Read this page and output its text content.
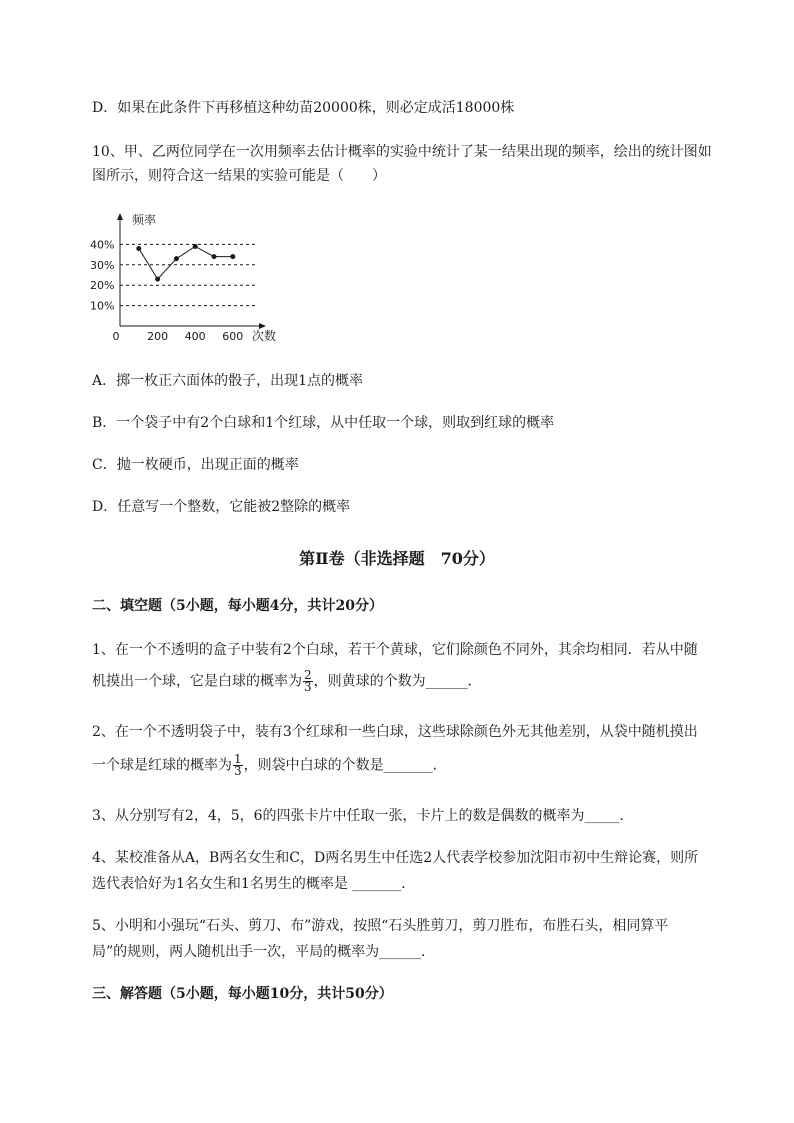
D．如果在此条件下再移植这种幼苗20000株，则必定成活18000株
10、甲、乙两位同学在一次用频率去估计概率的实验中统计了某一结果出现的频率，绘出的统计图如
图所示，则符合这一结果的实验可能是（　　）
频率
次数
10%
20%
30%
40%
0	200 400 600
A．掷一枚正六面体的骰子，出现1点的概率
B．一个袋子中有2个白球和1个红球，从中任取一个球，则取到红球的概率
C．抛一枚硬币，出现正面的概率
D．任意写一个整数，它能被2整除的概率
第Ⅱ卷（非选择题　70分）
二、填空题（5小题，每小题4分，共计20分）
1、在一个不透明的盒子中装有2个白球，若干个黄球，它们除颜色不同外，其余均相同．若从中随
机摸出一个球，它是白球的概率为 $\frac{2}{3}$ ，则黄球的个数为______．
2、在一个不透明袋子中，装有3个红球和一些白球，这些球除颜色外无其他差别，从袋中随机摸出
一个球是红球的概率为 $\frac{1}{3}$ ，则袋中白球的个数是_______．
3、从分别写有2，4，5，6的四张卡片中任取一张，卡片上的数是偶数的概率为_____．
4、某校准备从A，B两名女生和C，D两名男生中任选2人代表学校参加沈阳市初中生辩论赛，则所
选代表恰好为1名女生和1名男生的概率是 _______．
5、小明和小强玩“石头、剪刀、布”游戏，按照“石头胜剪刀，剪刀胜布，布胜石头，相同算平
局”的规则，两人随机出手一次，平局的概率为______．
三、解答题（5小题，每小题10分，共计50分）
